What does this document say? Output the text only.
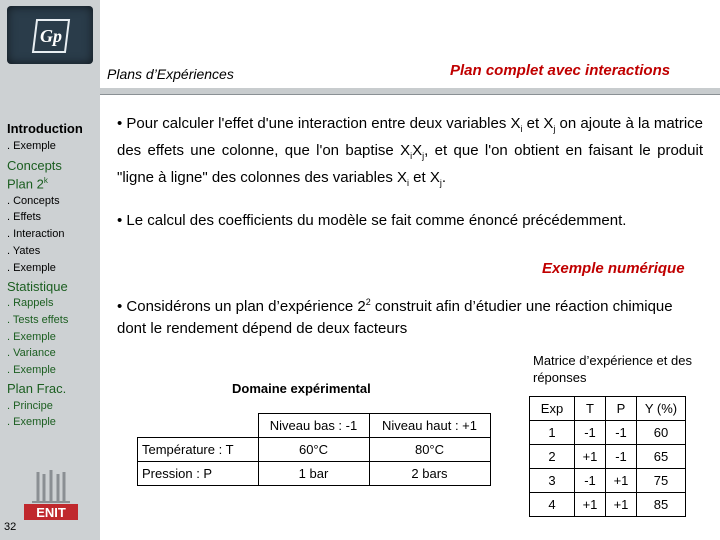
Gp
Introduction
. Exemple
Concepts
Plan 2$^k$
. Concepts
. Effets
. Interaction
. Yates
. Exemple
Statistique
. Rappels
. Tests effets
. Exemple
. Variance
. Exemple
Plan Frac.
. Principe
. Exemple
ENIT
32
Plans d’Expériences	Plan complet avec interactions
• Pour calculer l'effet d'une interaction entre deux variables $X_i$ et $X_j$ on ajoute à la matrice des effets une colonne, que l'on baptise $X_iX_j$, et que l'on obtient en faisant le produit "ligne à ligne" des colonnes des variables $X_i$ et $X_j$.
• Le calcul des coefficients du modèle se fait comme énoncé précédemment.
Exemple numérique
• Considérons un plan d’expérience $2^2$ construit afin d’étudier une réaction chimique dont le rendement dépend de deux facteurs
Domaine expérimental
	Niveau bas : -1	Niveau haut : +1
Température : T	60°C	80°C
Pression : P	1 bar	2 bars
Matrice d’expérience et des réponses
Exp	T	P	Y (%)
1	-1	-1	60
2	+1	-1	65
3	-1	+1	75
4	+1	+1	85
